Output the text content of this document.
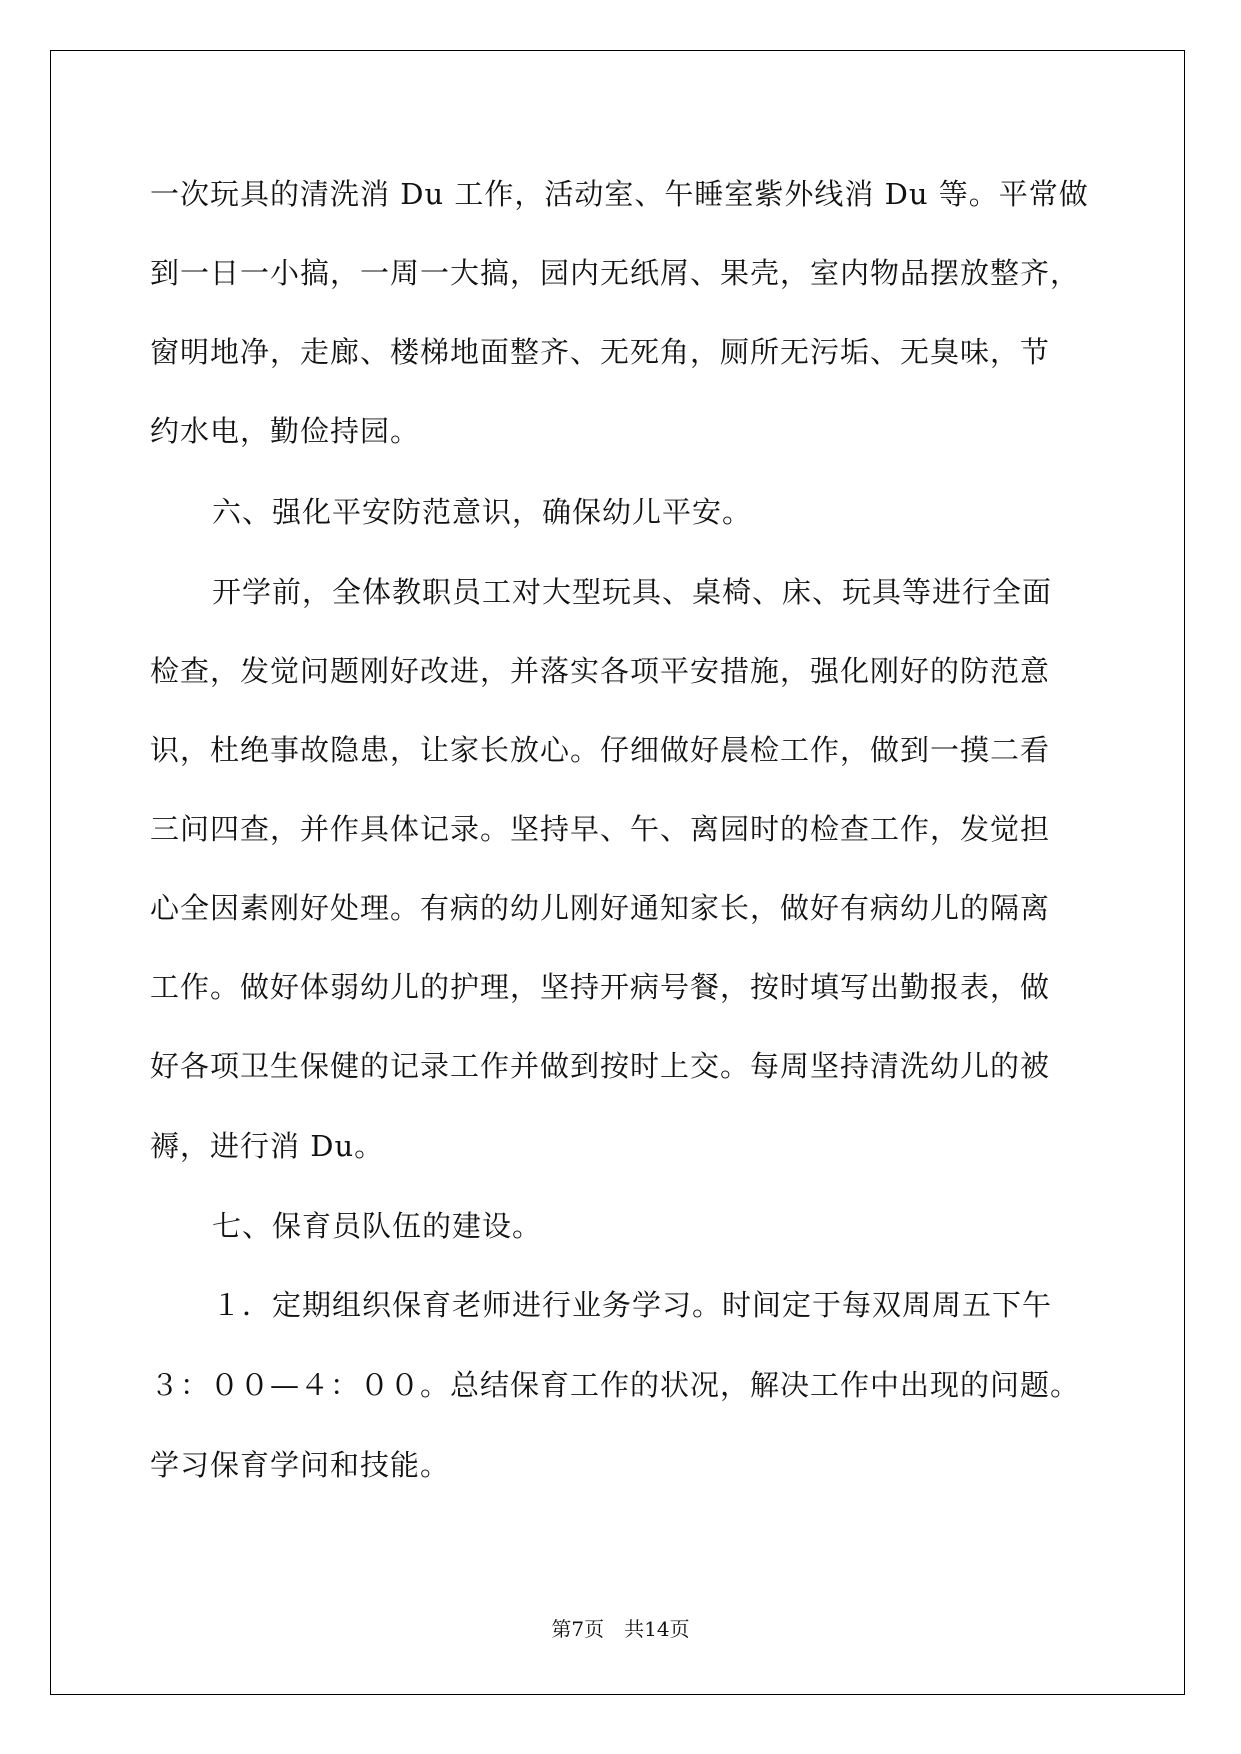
一次玩具的清洗消 Du 工作，活动室、午睡室紫外线消 Du 等。平常做
到一日一小搞，一周一大搞，园内无纸屑、果壳，室内物品摆放整齐，
窗明地净，走廊、楼梯地面整齐、无死角，厕所无污垢、无臭味，节
约水电，勤俭持园。
六、强化平安防范意识，确保幼儿平安。
开学前，全体教职员工对大型玩具、桌椅、床、玩具等进行全面
检查，发觉问题刚好改进，并落实各项平安措施，强化刚好的防范意
识，杜绝事故隐患，让家长放心。仔细做好晨检工作，做到一摸二看
三问四查，并作具体记录。坚持早、午、离园时的检查工作，发觉担
心全因素刚好处理。有病的幼儿刚好通知家长，做好有病幼儿的隔离
工作。做好体弱幼儿的护理，坚持开病号餐，按时填写出勤报表，做
好各项卫生保健的记录工作并做到按时上交。每周坚持清洗幼儿的被
褥，进行消 Du。
七、保育员队伍的建设。
１．定期组织保育老师进行业务学习。时间定于每双周周五下午
３：００—４：００。总结保育工作的状况，解决工作中出现的问题。
学习保育学问和技能。
第7页　共14页
